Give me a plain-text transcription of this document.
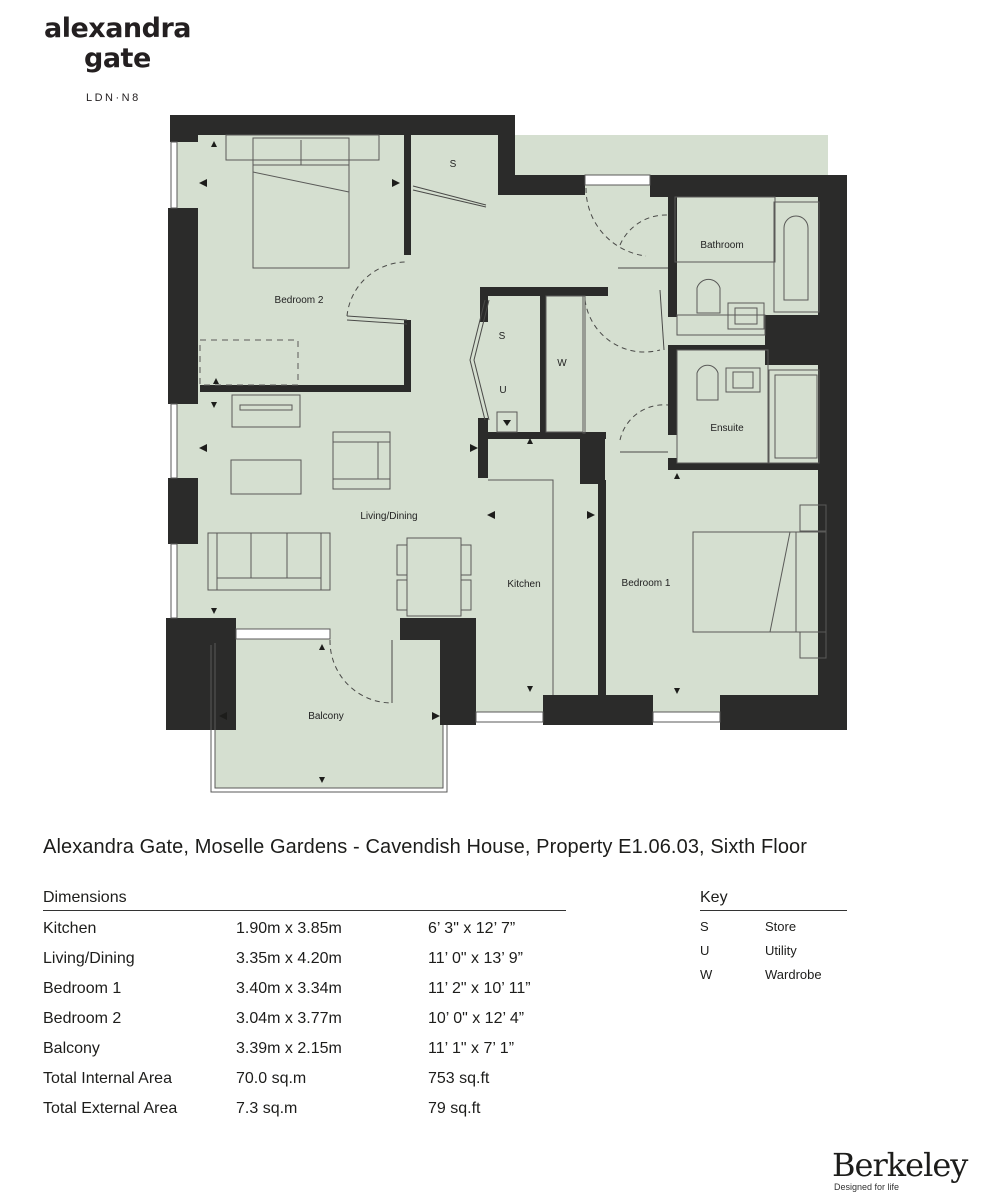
alexandra
gate
LDN·N8
Bedroom 2
S
Bathroom
S
W
U
Ensuite
Living/Dining
Kitchen	Bedroom 1
Balcony
Alexandra Gate, Moselle Gardens - Cavendish House, Property E1.06.03, Sixth Floor
Dimensions
Kitchen	1.90m x 3.85m	6’ 3" x 12’ 7”
Living/Dining	3.35m x 4.20m	11’ 0" x 13’ 9”
Bedroom 1	3.40m x 3.34m	11’ 2" x 10’ 11”
Bedroom 2	3.04m x 3.77m	10’ 0" x 12’ 4”
Balcony	3.39m x 2.15m	11’ 1" x 7’ 1”
Total Internal Area	70.0 sq.m	753 sq.ft
Total External Area	7.3 sq.m	79 sq.ft
Key
S	Store
U	Utility
W	Wardrobe
Berkeley
Designed for life
